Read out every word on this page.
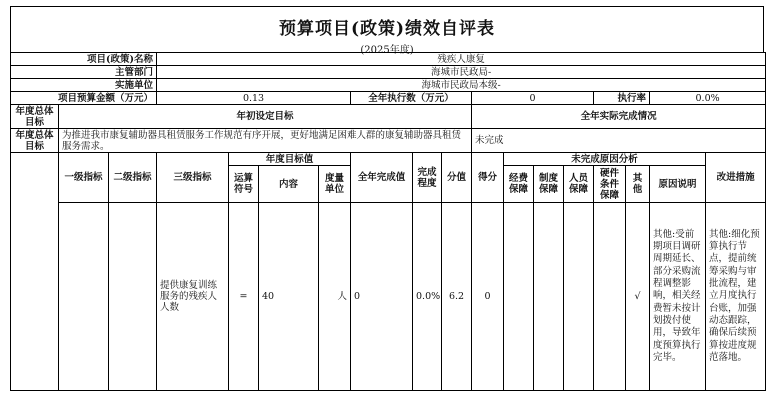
预算项目(政策)绩效自评表
(2025年度)
项目(政策)名称			残疾人康复														
主管部门			海城市民政局-														
实施单位			海城市民政局本级-														
项目预算金额（万元）			0.13				全年执行数（万元）			0				执行率		0.0%	
年度总体目标	年初设定目标									全年实际完成情况							
年度总体目标	为推进我市康复辅助器具租赁服务工作规范有序开展，更好地满足困难人群的康复辅助器具租赁服务需求。									未完成							
	一级指标	二级指标	三级指标	年度目标值			全年完成值	完成程度	分值	得分	未完成原因分析						改进措施
				运算符号	内容	度量单位					经费保障	制度保障	人员保障	硬件条件保障	其他	原因说明	
			提供康复训练服务的残疾人人数	=	40	人	0	0.0%	6.2	0					√	其他:受前期项目调研周期延长、部分采购流程调整影响，相关经费暂未按计划拨付使用，导致年度预算执行完毕。	其他:细化预算执行节点，提前统筹采购与审批流程，建立月度执行台账，加强动态跟踪，确保后续预算按进度规范落地。
